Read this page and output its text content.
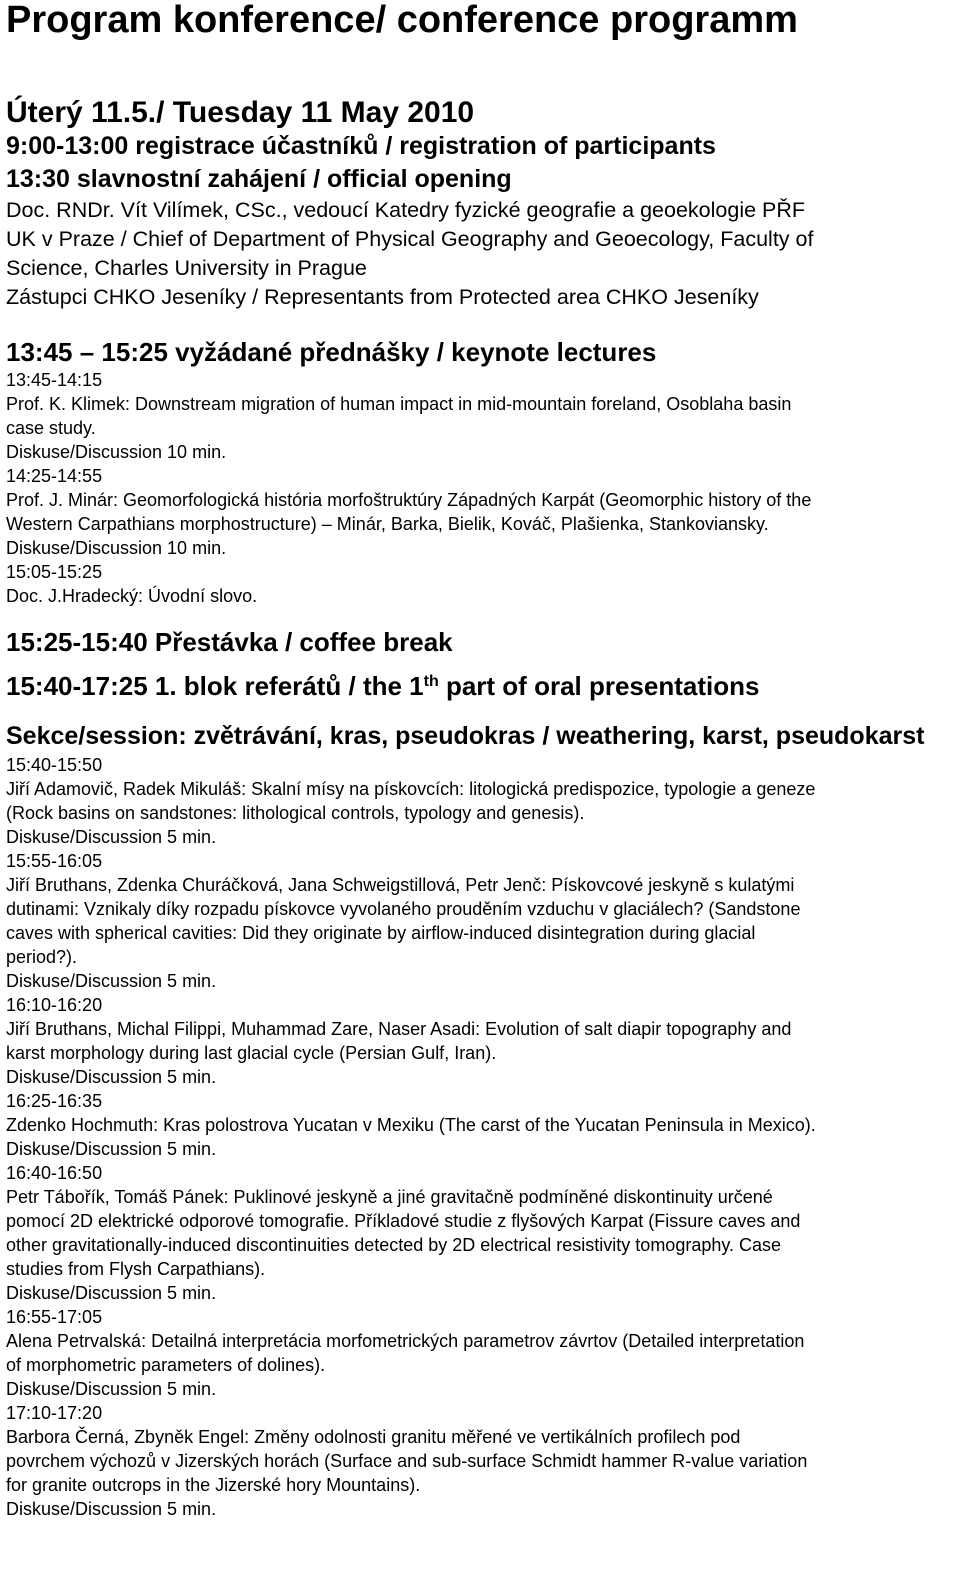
Program konference/ conference programm

Úterý 11.5./ Tuesday 11 May 2010

9:00-13:00 registrace účastníků / registration of participants

13:30 slavnostní zahájení / official opening

Doc. RNDr. Vít Vilímek, CSc., vedoucí Katedry fyzické geografie a geoekologie PŘF

UK v Praze / Chief of Department of Physical Geography and Geoecology, Faculty of

Science, Charles University in Prague

Zástupci CHKO Jeseníky / Representants from Protected area CHKO Jeseníky

13:45 – 15:25 vyžádané přednášky / keynote lectures

13:45-14:15

Prof. K. Klimek: Downstream migration of human impact in mid-mountain foreland, Osoblaha basin

case study.

Diskuse/Discussion 10 min.

14:25-14:55

Prof. J. Minár: Geomorfologická história morfoštruktúry Západných Karpát (Geomorphic history of the

Western Carpathians morphostructure) – Minár, Barka, Bielik, Kováč, Plašienka, Stankoviansky.

Diskuse/Discussion 10 min.

15:05-15:25

Doc. J.Hradecký: Úvodní slovo.

15:25-15:40 Přestávka / coffee break

15:40-17:25 1. blok referátů / the 1th part of oral presentations

Sekce/session: zvětrávání, kras, pseudokras / weathering, karst, pseudokarst

15:40-15:50

Jiří Adamovič, Radek Mikuláš: Skalní mísy na pískovcích: litologická predispozice, typologie a geneze

(Rock basins on sandstones: lithological controls, typology and genesis).

Diskuse/Discussion 5 min.

15:55-16:05

Jiří Bruthans, Zdenka Churáčková, Jana Schweigstillová, Petr Jenč: Pískovcové jeskyně s kulatými

dutinami: Vznikaly díky rozpadu pískovce vyvolaného prouděním vzduchu v glaciálech? (Sandstone

caves with spherical cavities: Did they originate by airflow-induced disintegration during glacial

period?).

Diskuse/Discussion 5 min.

16:10-16:20

Jiří Bruthans, Michal Filippi, Muhammad Zare, Naser Asadi: Evolution of salt diapir topography and

karst morphology during last glacial cycle (Persian Gulf, Iran).

Diskuse/Discussion 5 min.

16:25-16:35

Zdenko Hochmuth: Kras polostrova Yucatan v Mexiku (The carst of the Yucatan Peninsula in Mexico).

Diskuse/Discussion 5 min.

16:40-16:50

Petr Tábořík, Tomáš Pánek: Puklinové jeskyně a jiné gravitačně podmíněné diskontinuity určené

pomocí 2D elektrické odporové tomografie. Příkladové studie z flyšových Karpat (Fissure caves and

other gravitationally-induced discontinuities detected by 2D electrical resistivity tomography. Case

studies from Flysh Carpathians).

Diskuse/Discussion 5 min.

16:55-17:05

Alena Petrvalská: Detailná interpretácia morfometrických parametrov závrtov (Detailed interpretation

of morphometric parameters of dolines).

Diskuse/Discussion 5 min.

17:10-17:20

Barbora Černá, Zbyněk Engel: Změny odolnosti granitu měřené ve vertikálních profilech pod

povrchem výchozů v Jizerských horách (Surface and sub-surface Schmidt hammer R-value variation

for granite outcrops in the Jizerské hory Mountains).

Diskuse/Discussion 5 min.
